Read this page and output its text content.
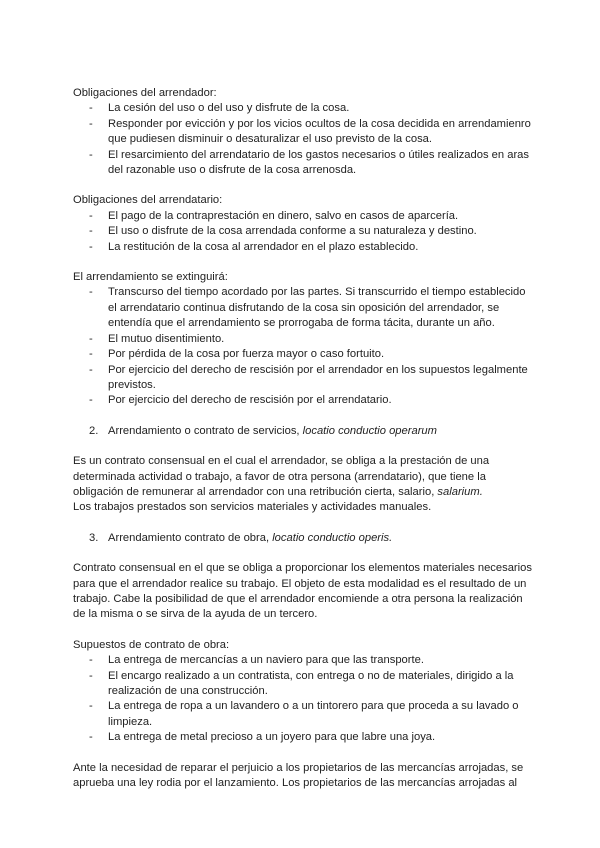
Obligaciones del arrendador:

- La cesión del uso o del uso y disfrute de la cosa.
- Responder por evicción y por los vicios ocultos de la cosa decidida en arrendamienro que pudiesen disminuir o desaturalizar el uso previsto de la cosa.
- El resarcimiento del arrendatario de los gastos necesarios o útiles realizados en aras del razonable uso o disfrute de la cosa arrenosda.

Obligaciones del arrendatario:

- El pago de la contraprestación en dinero, salvo en casos de aparcería.
- El uso o disfrute de la cosa arrendada conforme a su naturaleza y destino.
- La restitución de la cosa al arrendador en el plazo establecido.

El arrendamiento se extinguirá:

- Transcurso del tiempo acordado por las partes. Si transcurrido el tiempo establecido el arrendatario continua disfrutando de la cosa sin oposición del arrendador, se entendía que el arrendamiento se prorrogaba de forma tácita, durante un año.
- El mutuo disentimiento.
- Por pérdida de la cosa por fuerza mayor o caso fortuito.
- Por ejercicio del derecho de rescisión por el arrendador en los supuestos legalmente previstos.
- Por ejercicio del derecho de rescisión por el arrendatario.

2. Arrendamiento o contrato de servicios, locatio conductio operarum

Es un contrato consensual en el cual el arrendador, se obliga a la prestación de una determinada actividad o trabajo, a favor de otra persona (arrendatario), que tiene la obligación de remunerar al arrendador con una retribución cierta, salario, salarium.

Los trabajos prestados son servicios materiales y actividades manuales.

3. Arrendamiento contrato de obra, locatio conductio operis.

Contrato consensual en el que se obliga a proporcionar los elementos materiales necesarios para que el arrendador realice su trabajo. El objeto de esta modalidad es el resultado de un trabajo. Cabe la posibilidad de que el arrendador encomiende a otra persona la realización de la misma o se sirva de la ayuda de un tercero.

Supuestos de contrato de obra:

- La entrega de mercancías a un naviero para que las transporte.
- El encargo realizado a un contratista, con entrega o no de materiales, dirigido a la realización de una construcción.
- La entrega de ropa a un lavandero o a un tintorero para que proceda a su lavado o limpieza.
- La entrega de metal precioso a un joyero para que labre una joya.

Ante la necesidad de reparar el perjuicio a los propietarios de las mercancías arrojadas, se aprueba una ley rodia por el lanzamiento. Los propietarios de las mercancías arrojadas al
